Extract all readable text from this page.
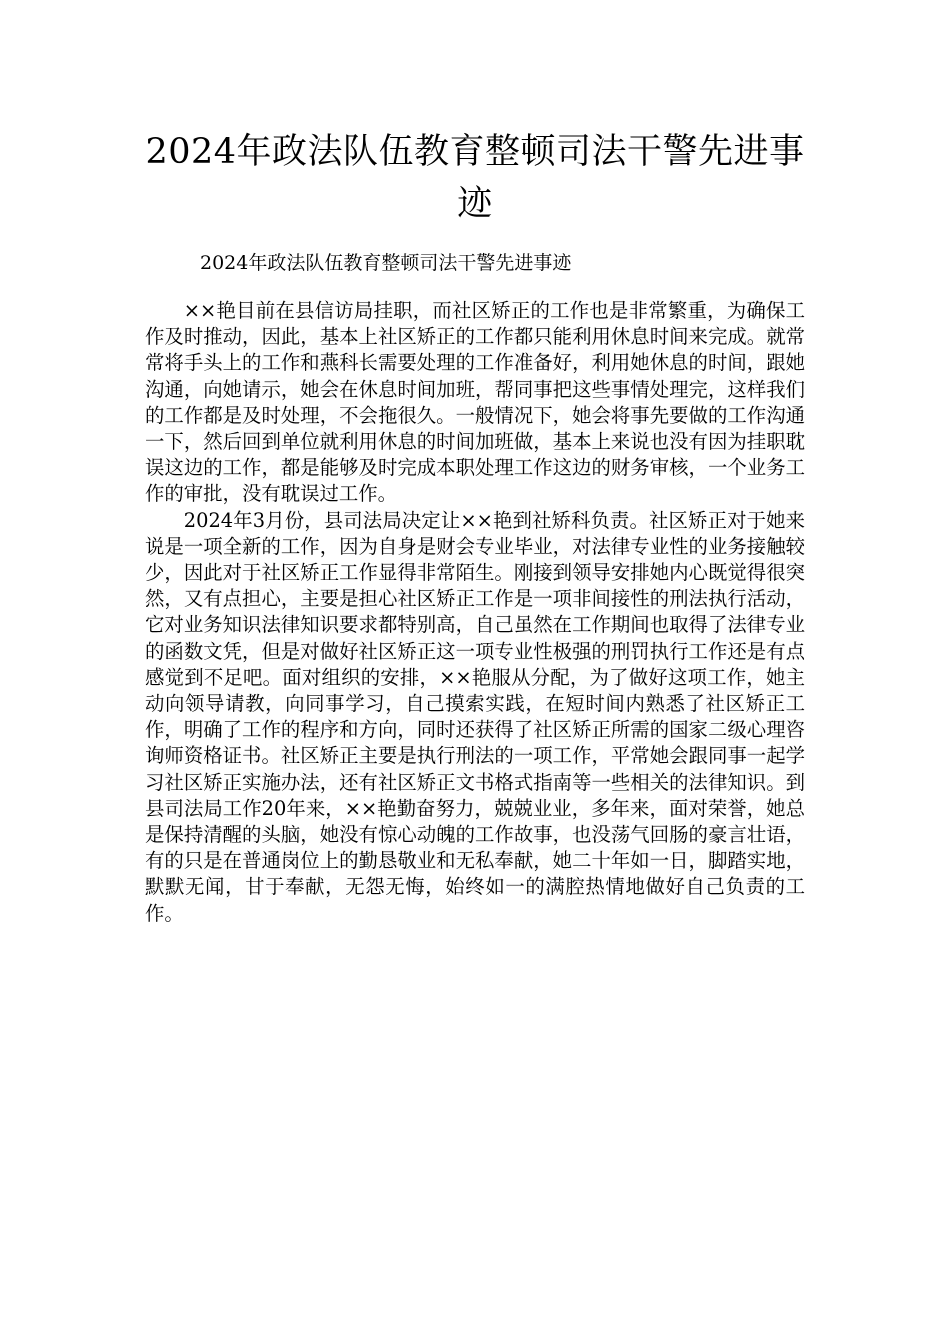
2024年政法队伍教育整顿司法干警先进事迹

2024年政法队伍教育整顿司法干警先进事迹

××艳目前在县信访局挂职，而社区矫正的工作也是非常繁重，为确保工作及时推动，因此，基本上社区矫正的工作都只能利用休息时间来完成。就常常将手头上的工作和燕科长需要处理的工作准备好，利用她休息的时间，跟她沟通，向她请示，她会在休息时间加班，帮同事把这些事情处理完，这样我们的工作都是及时处理，不会拖很久。一般情况下，她会将事先要做的工作沟通一下，然后回到单位就利用休息的时间加班做，基本上来说也没有因为挂职耽误这边的工作，都是能够及时完成本职处理工作这边的财务审核，一个业务工作的审批，没有耽误过工作。

2024年3月份，县司法局决定让××艳到社矫科负责。社区矫正对于她来说是一项全新的工作，因为自身是财会专业毕业，对法律专业性的业务接触较少，因此对于社区矫正工作显得非常陌生。刚接到领导安排她内心既觉得很突然，又有点担心，主要是担心社区矫正工作是一项非间接性的刑法执行活动，它对业务知识法律知识要求都特别高，自己虽然在工作期间也取得了法律专业的函数文凭，但是对做好社区矫正这一项专业性极强的刑罚执行工作还是有点感觉到不足吧。面对组织的安排，××艳服从分配，为了做好这项工作，她主动向领导请教，向同事学习，自己摸索实践，在短时间内熟悉了社区矫正工作，明确了工作的程序和方向，同时还获得了社区矫正所需的国家二级心理咨询师资格证书。社区矫正主要是执行刑法的一项工作，平常她会跟同事一起学习社区矫正实施办法，还有社区矫正文书格式指南等一些相关的法律知识。到县司法局工作20年来，××艳勤奋努力，兢兢业业，多年来，面对荣誉，她总是保持清醒的头脑，她没有惊心动魄的工作故事，也没荡气回肠的豪言壮语，有的只是在普通岗位上的勤恳敬业和无私奉献，她二十年如一日，脚踏实地，默默无闻，甘于奉献，无怨无悔，始终如一的满腔热情地做好自己负责的工作。
